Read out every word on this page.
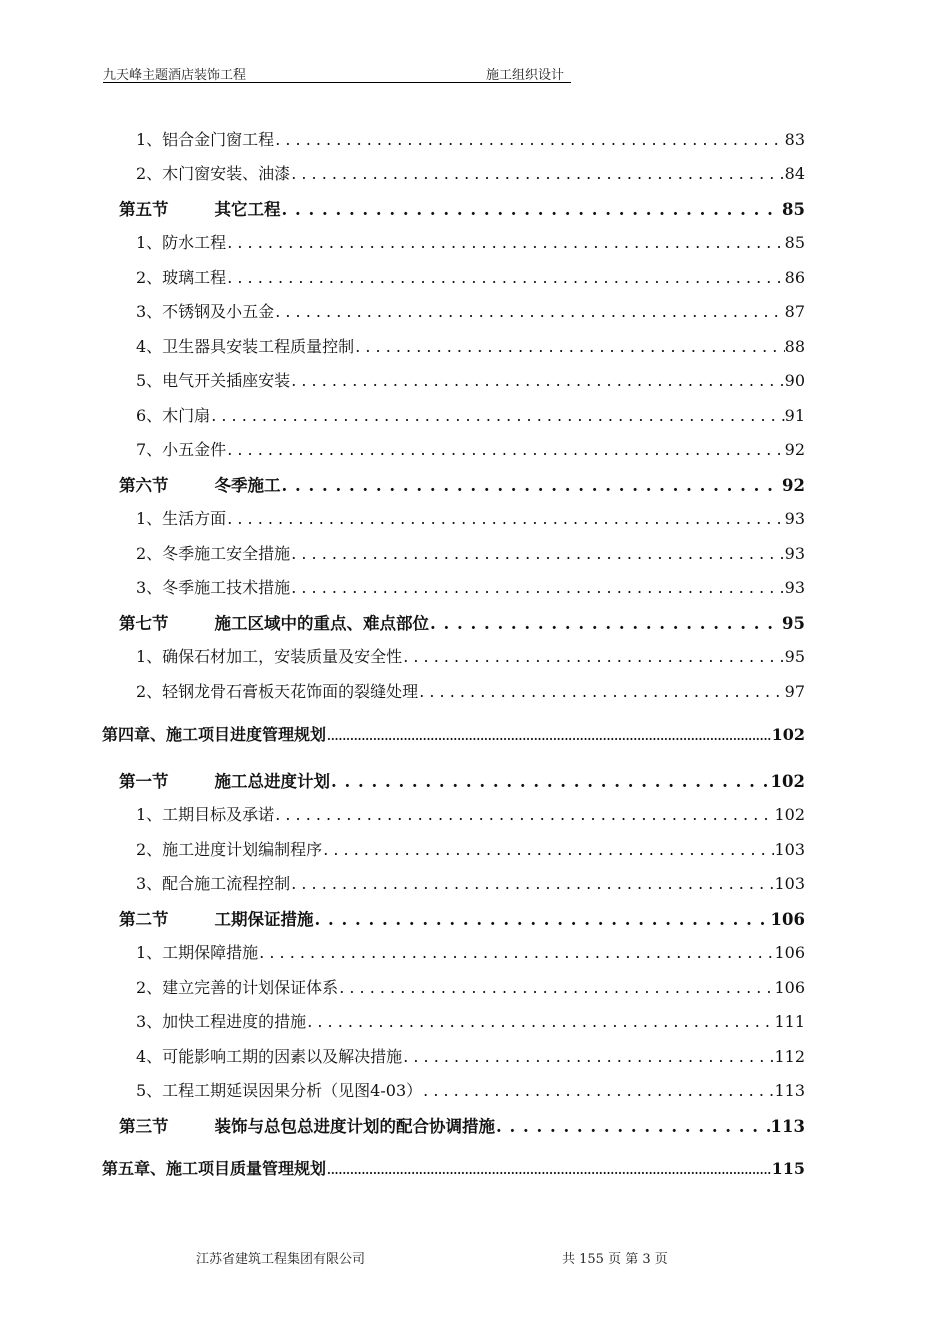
九天峰主题酒店装饰工程	施工组织设计
1、铝合金门窗工程 . . .	83
2、木门窗安装、油漆 . . .	84
第五节	其它工程 . . .	85
1、防水工程 . . .	85
2、玻璃工程 . . .	86
3、不锈钢及小五金 . . .	87
4、卫生器具安装工程质量控制 . . .	88
5、电气开关插座安装 . . .	90
6、木门扇 . . .	91
7、小五金件 . . .	92
第六节	冬季施工 . . .	92
1、生活方面 . . .	93
2、冬季施工安全措施 . . .	93
3、冬季施工技术措施 . . .	93
第七节	施工区域中的重点、难点部位 . . .	95
1、确保石材加工，安装质量及安全性 . . .	95
2、轻钢龙骨石膏板天花饰面的裂缝处理 . . .	97
第四章、施工项目进度管理规划 .....	102
第一节	施工总进度计划 . . .	102
1、工期目标及承诺 . . .	102
2、施工进度计划编制程序 . . .	103
3、配合施工流程控制 . . .	103
第二节	工期保证措施 . . .	106
1、工期保障措施 . . .	106
2、建立完善的计划保证体系 . . .	106
3、加快工程进度的措施 . . .	111
4、可能影响工期的因素以及解决措施 . . .	112
5、工程工期延误因果分析（见图4-03） . . .	113
第三节	装饰与总包总进度计划的配合协调措施 . . .	113
第五章、施工项目质量管理规划 .....	115
江苏省建筑工程集团有限公司	共 155 页 第 3 页
